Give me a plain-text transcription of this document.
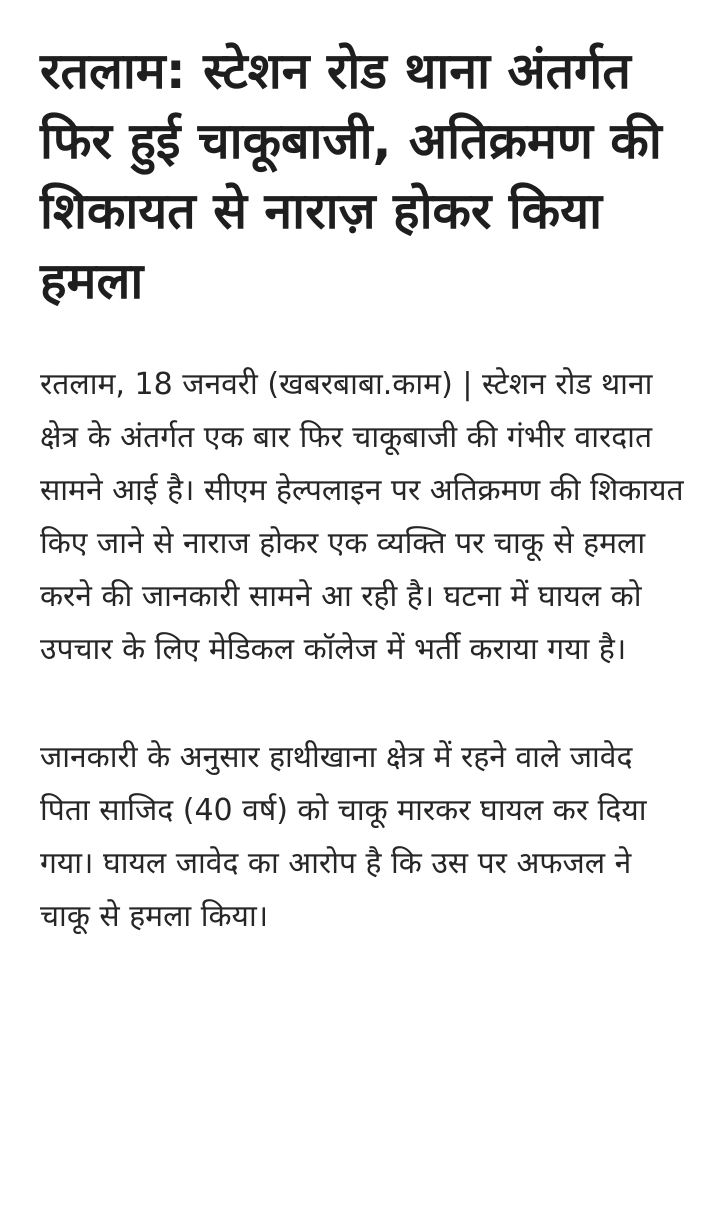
रतलाम: स्टेशन रोड थाना अंतर्गत फिर हुई चाकूबाजी, अतिक्रमण की शिकायत से नाराज़ होकर किया हमला

रतलाम, 18 जनवरी (खबरबाबा.काम) | स्टेशन रोड थाना क्षेत्र के अंतर्गत एक बार फिर चाकूबाजी की गंभीर वारदात सामने आई है। सीएम हेल्पलाइन पर अतिक्रमण की शिकायत किए जाने से नाराज होकर एक व्यक्ति पर चाकू से हमला करने की जानकारी सामने आ रही है। घटना में घायल को उपचार के लिए मेडिकल कॉलेज में भर्ती कराया गया है।

जानकारी के अनुसार हाथीखाना क्षेत्र में रहने वाले जावेद पिता साजिद (40 वर्ष) को चाकू मारकर घायल कर दिया गया। घायल जावेद का आरोप है कि उस पर अफजल ने चाकू से हमला किया।
